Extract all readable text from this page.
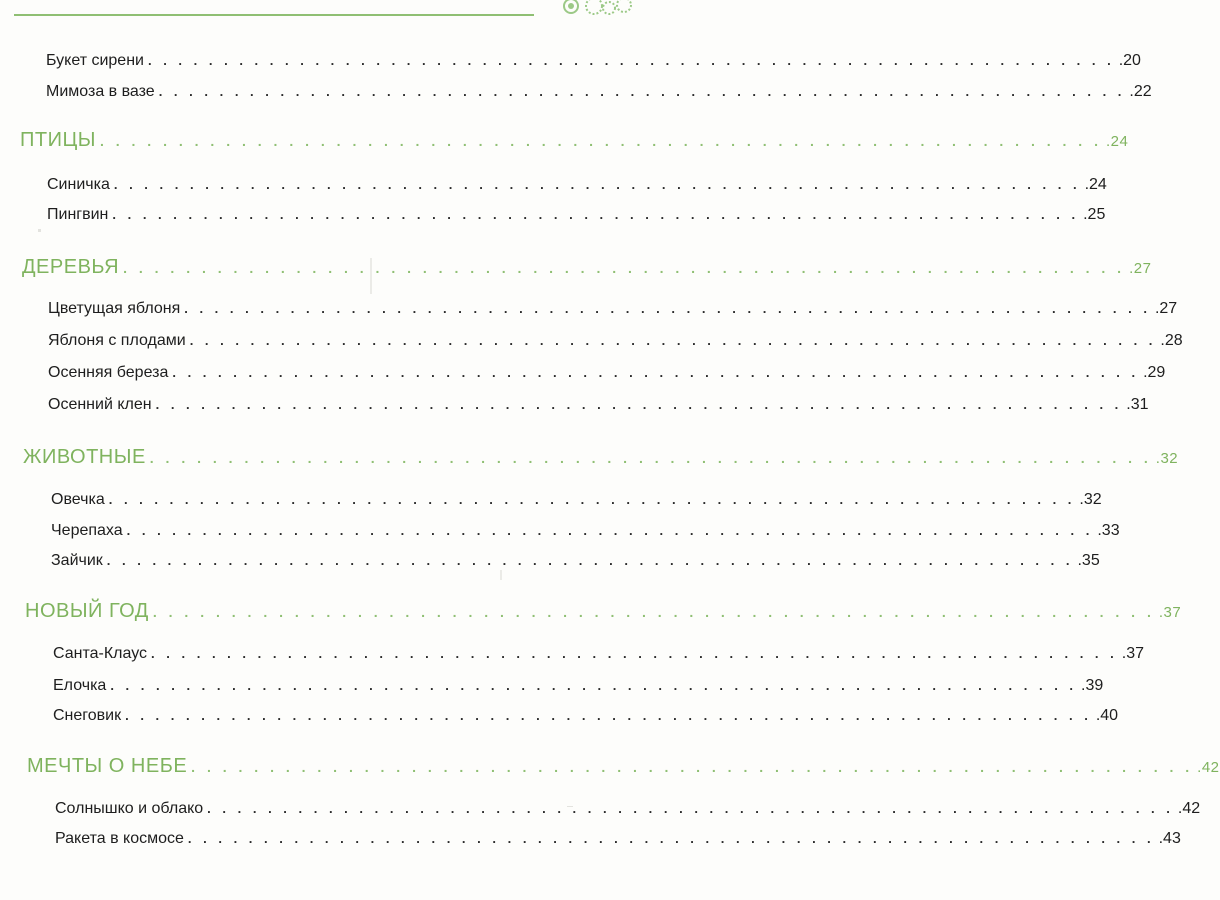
Букет сирени . . . . . . . . . . . . . . . . . . . . . . . . . . . . . . . . . . . . . . . . . . . . . . . . . . . . . . . . . . . . . . . . .20
Мимоза в вазе . . . . . . . . . . . . . . . . . . . . . . . . . . . . . . . . . . . . . . . . . . . . . . . . . . . . . . . . . . . . . . . . .22
ПТИЦЫ . . . . . . . . . . . . . . . . . . . . . . . . . . . . . . . . . . . . . . . . . . . . . . . . . . . . . . . . . . . . . . . . .24
Синичка . . . . . . . . . . . . . . . . . . . . . . . . . . . . . . . . . . . . . . . . . . . . . . . . . . . . . . . . . . . . . . . . .24
Пингвин . . . . . . . . . . . . . . . . . . . . . . . . . . . . . . . . . . . . . . . . . . . . . . . . . . . . . . . . . . . . . . . . .25
ДЕРЕВЬЯ . . . . . . . . . . . . . . . . . . . . . . . . . . . . . . . . . . . . . . . . . . . . . . . . . . . . . . . . . . . . . . . . .27
Цветущая яблоня . . . . . . . . . . . . . . . . . . . . . . . . . . . . . . . . . . . . . . . . . . . . . . . . . . . . . . . . . . . . . . . . .27
Яблоня с плодами . . . . . . . . . . . . . . . . . . . . . . . . . . . . . . . . . . . . . . . . . . . . . . . . . . . . . . . . . . . . . . . . .28
Осенняя береза . . . . . . . . . . . . . . . . . . . . . . . . . . . . . . . . . . . . . . . . . . . . . . . . . . . . . . . . . . . . . . . . .29
Осенний клен . . . . . . . . . . . . . . . . . . . . . . . . . . . . . . . . . . . . . . . . . . . . . . . . . . . . . . . . . . . . . . . . .31
ЖИВОТНЫЕ . . . . . . . . . . . . . . . . . . . . . . . . . . . . . . . . . . . . . . . . . . . . . . . . . . . . . . . . . . . . . . . . .32
Овечка . . . . . . . . . . . . . . . . . . . . . . . . . . . . . . . . . . . . . . . . . . . . . . . . . . . . . . . . . . . . . . . . .32
Черепаха . . . . . . . . . . . . . . . . . . . . . . . . . . . . . . . . . . . . . . . . . . . . . . . . . . . . . . . . . . . . . . . . .33
Зайчик . . . . . . . . . . . . . . . . . . . . . . . . . . . . . . . . . . . . . . . . . . . . . . . . . . . . . . . . . . . . . . . . .35
НОВЫЙ ГОД . . . . . . . . . . . . . . . . . . . . . . . . . . . . . . . . . . . . . . . . . . . . . . . . . . . . . . . . . . . . . . . . .37
Санта-Клаус . . . . . . . . . . . . . . . . . . . . . . . . . . . . . . . . . . . . . . . . . . . . . . . . . . . . . . . . . . . . . . . . .37
Елочка . . . . . . . . . . . . . . . . . . . . . . . . . . . . . . . . . . . . . . . . . . . . . . . . . . . . . . . . . . . . . . . . .39
Снеговик . . . . . . . . . . . . . . . . . . . . . . . . . . . . . . . . . . . . . . . . . . . . . . . . . . . . . . . . . . . . . . . . .40
МЕЧТЫ О НЕБЕ . . . . . . . . . . . . . . . . . . . . . . . . . . . . . . . . . . . . . . . . . . . . . . . . . . . . . . . . . . . . . . . . .42
Солнышко и облако . . . . . . . . . . . . . . . . . . . . . . . . . . . . . . . . . . . . . . . . . . . . . . . . . . . . . . . . . . . . . . . . .42
Ракета в космосе . . . . . . . . . . . . . . . . . . . . . . . . . . . . . . . . . . . . . . . . . . . . . . . . . . . . . . . . . . . . . . . . .43
